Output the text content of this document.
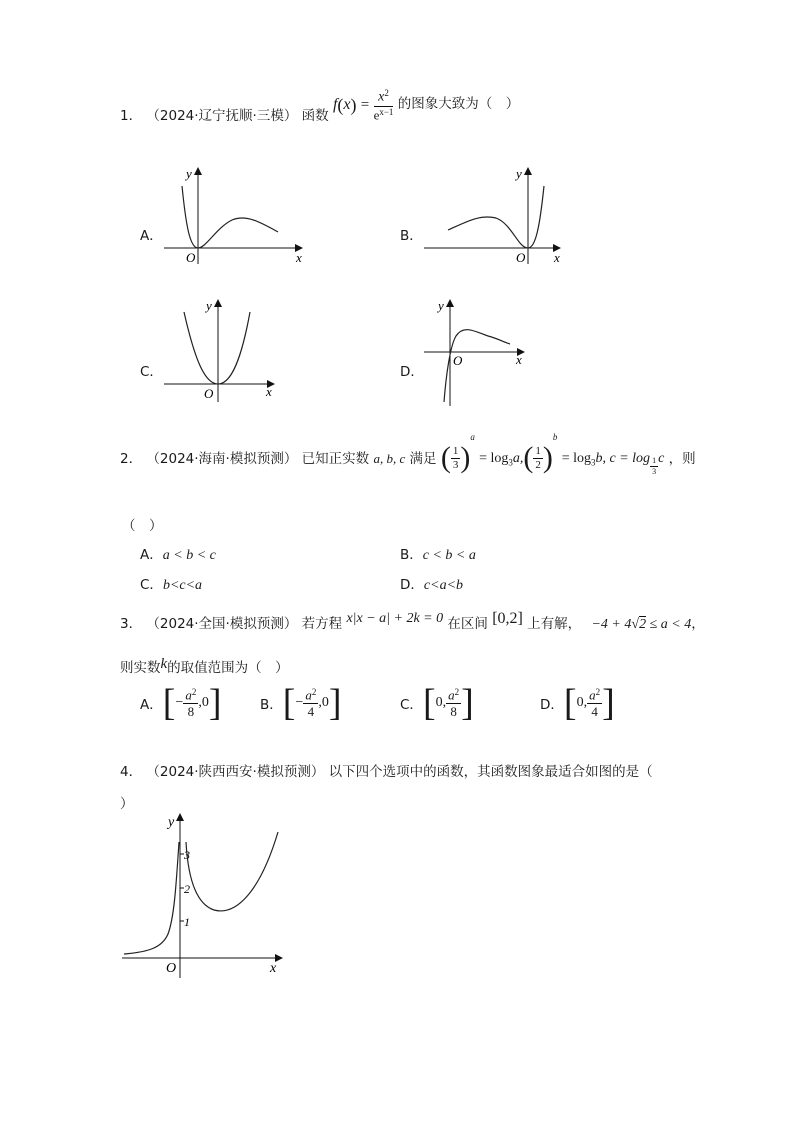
1． （2024·辽宁抚顺·三模） 函数 $f(x) = \frac{x^2}{e^{x-1}}$ 的图象大致为（　）
A．
y
x
O
B．
y
x
O
C．
y
x
O
D．
y
x
O
2． （2024·海南·模拟预测） 已知正实数 a, b, c 满足 ( $\frac{1}{3} )^a = \log_3a,( \frac{1}{2} )^b = \log_3b$, $c = \log \frac{1}{3}$ c ，则
（　）
A．a < b < c	B．c < b < a
C．b<c<a	D．c<a<b
3． （2024·全国·模拟预测） 若方程 x|x − a| + 2k = 0 在区间 [0,2] 上有解， −4 + 4√2 ≤ a < 4，
则实数k的取值范围为（　）
A．[− $\frac{a^2}{8} ,0$]	B．[− $\frac{a^2}{4} ,0$]	C．[0, $\frac{a^2}{8}$ ]	D．[0, $\frac{a^2}{4}$ ]
4． （2024·陕西西安·模拟预测） 以下四个选项中的函数，其函数图象最适合如图的是（
）
y
x
O
1
2
3
